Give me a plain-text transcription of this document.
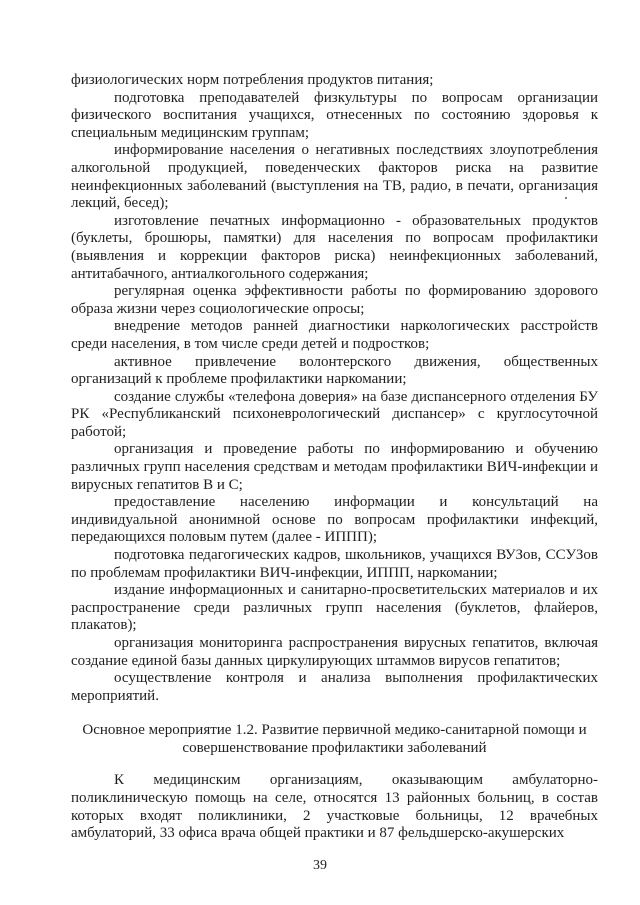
физиологических норм потребления продуктов питания;

подготовка преподавателей физкультуры по вопросам организации физического воспитания учащихся, отнесенных по состоянию здоровья к специальным медицинским группам;

информирование населения о негативных последствиях злоупотребления алкогольной продукцией, поведенческих факторов риска на развитие неинфекционных заболеваний (выступления на ТВ, радио, в печати, организация лекций, бесед);

изготовление печатных информационно - образовательных продуктов (буклеты, брошюры, памятки) для населения по вопросам профилактики (выявления и коррекции факторов риска) неинфекционных заболеваний, антитабачного, антиалкогольного содержания;

регулярная оценка эффективности работы по формированию здорового образа жизни через социологические опросы;

внедрение методов ранней диагностики наркологических расстройств среди населения, в том числе среди детей и подростков;

активное привлечение волонтерского движения, общественных организаций к проблеме профилактики наркомании;

создание службы «телефона доверия» на базе диспансерного отделения БУ РК «Республиканский психоневрологический диспансер» с круглосуточной работой;

организация и проведение работы по информированию и обучению различных групп населения средствам и методам профилактики ВИЧ-инфекции и вирусных гепатитов В и С;

предоставление населению информации и консультаций на индивидуальной анонимной основе по вопросам профилактики инфекций, передающихся половым путем (далее - ИППП);

подготовка педагогических кадров, школьников, учащихся ВУЗов, ССУЗов по проблемам профилактики ВИЧ-инфекции, ИППП, наркомании;

издание информационных и санитарно-просветительских материалов и их распространение среди различных групп населения (буклетов, флайеров, плакатов);

организация мониторинга распространения вирусных гепатитов, включая создание единой базы данных циркулирующих штаммов вирусов гепатитов;

осуществление контроля и анализа выполнения профилактических мероприятий.

Основное мероприятие 1.2. Развитие первичной медико-санитарной помощи и совершенствование профилактики заболеваний

К медицинским организациям, оказывающим амбулаторно-поликлиническую помощь на селе, относятся 13 районных больниц, в состав которых входят поликлиники, 2 участковые больницы, 12 врачебных амбулаторий, 33 офиса врача общей практики и 87 фельдшерско-акушерских

39
